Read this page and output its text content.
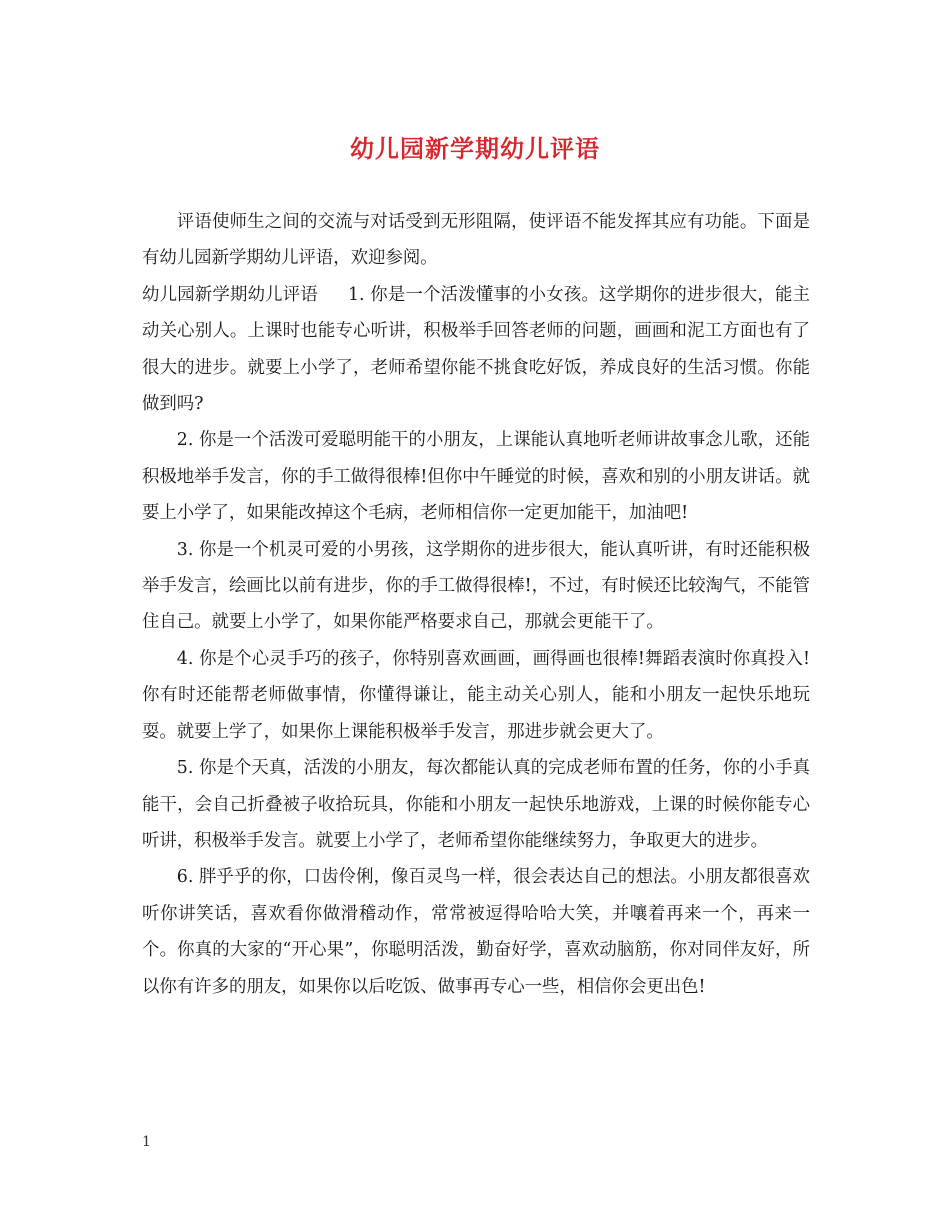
幼儿园新学期幼儿评语

评语使师生之间的交流与对话受到无形阻隔，使评语不能发挥其应有功能。下面是有幼儿园新学期幼儿评语，欢迎参阅。

幼儿园新学期幼儿评语 1. 你是一个活泼懂事的小女孩。这学期你的进步很大，能主动关心别人。上课时也能专心听讲，积极举手回答老师的问题，画画和泥工方面也有了很大的进步。就要上小学了，老师希望你能不挑食吃好饭，养成良好的生活习惯。你能做到吗?

2. 你是一个活泼可爱聪明能干的小朋友，上课能认真地听老师讲故事念儿歌，还能积极地举手发言，你的手工做得很棒!但你中午睡觉的时候，喜欢和别的小朋友讲话。就要上小学了，如果能改掉这个毛病，老师相信你一定更加能干，加油吧!

3. 你是一个机灵可爱的小男孩，这学期你的进步很大，能认真听讲，有时还能积极举手发言，绘画比以前有进步，你的手工做得很棒!，不过，有时候还比较淘气，不能管住自己。就要上小学了，如果你能严格要求自己，那就会更能干了。

4. 你是个心灵手巧的孩子，你特别喜欢画画，画得画也很棒!舞蹈表演时你真投入!你有时还能帮老师做事情，你懂得谦让，能主动关心别人，能和小朋友一起快乐地玩耍。就要上学了，如果你上课能积极举手发言，那进步就会更大了。

5. 你是个天真，活泼的小朋友，每次都能认真的完成老师布置的任务，你的小手真能干，会自己折叠被子收拾玩具，你能和小朋友一起快乐地游戏，上课的时候你能专心听讲，积极举手发言。就要上小学了，老师希望你能继续努力，争取更大的进步。

6. 胖乎乎的你，口齿伶俐，像百灵鸟一样，很会表达自己的想法。小朋友都很喜欢听你讲笑话，喜欢看你做滑稽动作，常常被逗得哈哈大笑，并嚷着再来一个，再来一个。你真的大家的“开心果”，你聪明活泼，勤奋好学，喜欢动脑筋，你对同伴友好，所以你有许多的朋友，如果你以后吃饭、做事再专心一些，相信你会更出色!

1
